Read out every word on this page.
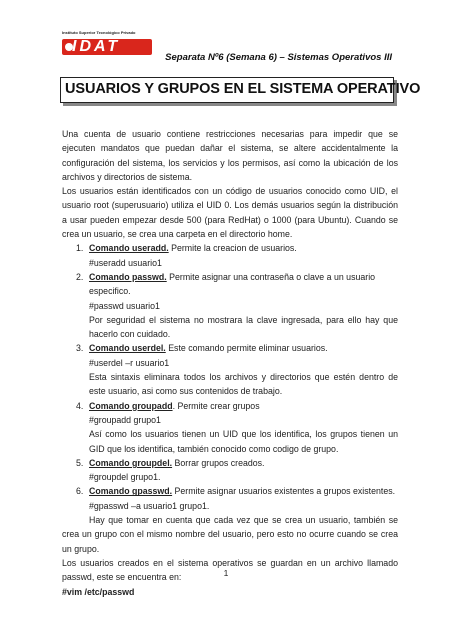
Instituto Superior Tecnológico Privado
IDAT
Separata Nº6 (Semana 6) – Sistemas Operativos III
USUARIOS Y GRUPOS EN EL SISTEMA OPERATIVO

Una cuenta de usuario contiene restricciones necesarias para impedir que se ejecuten mandatos que puedan dañar el sistema, se altere accidentalmente la configuración del sistema, los servicios y los permisos, así como la ubicación de los archivos y directorios de sistema.

Los usuarios están identificados con un código de usuarios conocido como UID, el usuario root (superusuario) utiliza el UID 0. Los demás usuarios según la distribución a usar pueden empezar desde 500 (para RedHat) o 1000 (para Ubuntu). Cuando se crea un usuario, se crea una carpeta en el directorio home.

1. Comando useradd. Permite la creacion de usuarios.
#useradd usuario1
2. Comando passwd. Permite asignar una contraseña o clave a un usuario especifico.
#passwd usuario1
Por seguridad el sistema no mostrara la clave ingresada, para ello hay que hacerlo con cuidado.
3. Comando userdel. Este comando permite eliminar usuarios.
#userdel –r usuario1
Esta sintaxis eliminara todos los archivos y directorios que estén dentro de este usuario, asi como sus contenidos de trabajo.
4. Comando groupadd. Permite crear grupos
#groupadd grupo1
Así como los usuarios tienen un UID que los identifica, los grupos tienen un GID que los identifica, también conocido como codigo de grupo.
5. Comando groupdel. Borrar grupos creados.
#groupdel grupo1.
6. Comando gpasswd. Permite asignar usuarios existentes a grupos existentes.
#gpasswd –a usuario1 grupo1.

Hay que tomar en cuenta que cada vez que se crea un usuario, también se crea un grupo con el mismo nombre del usuario, pero esto no ocurre cuando se crea un grupo.

Los usuarios creados en el sistema operativos se guardan en un archivo llamado passwd, este se encuentra en:

#vim /etc/passwd

1
